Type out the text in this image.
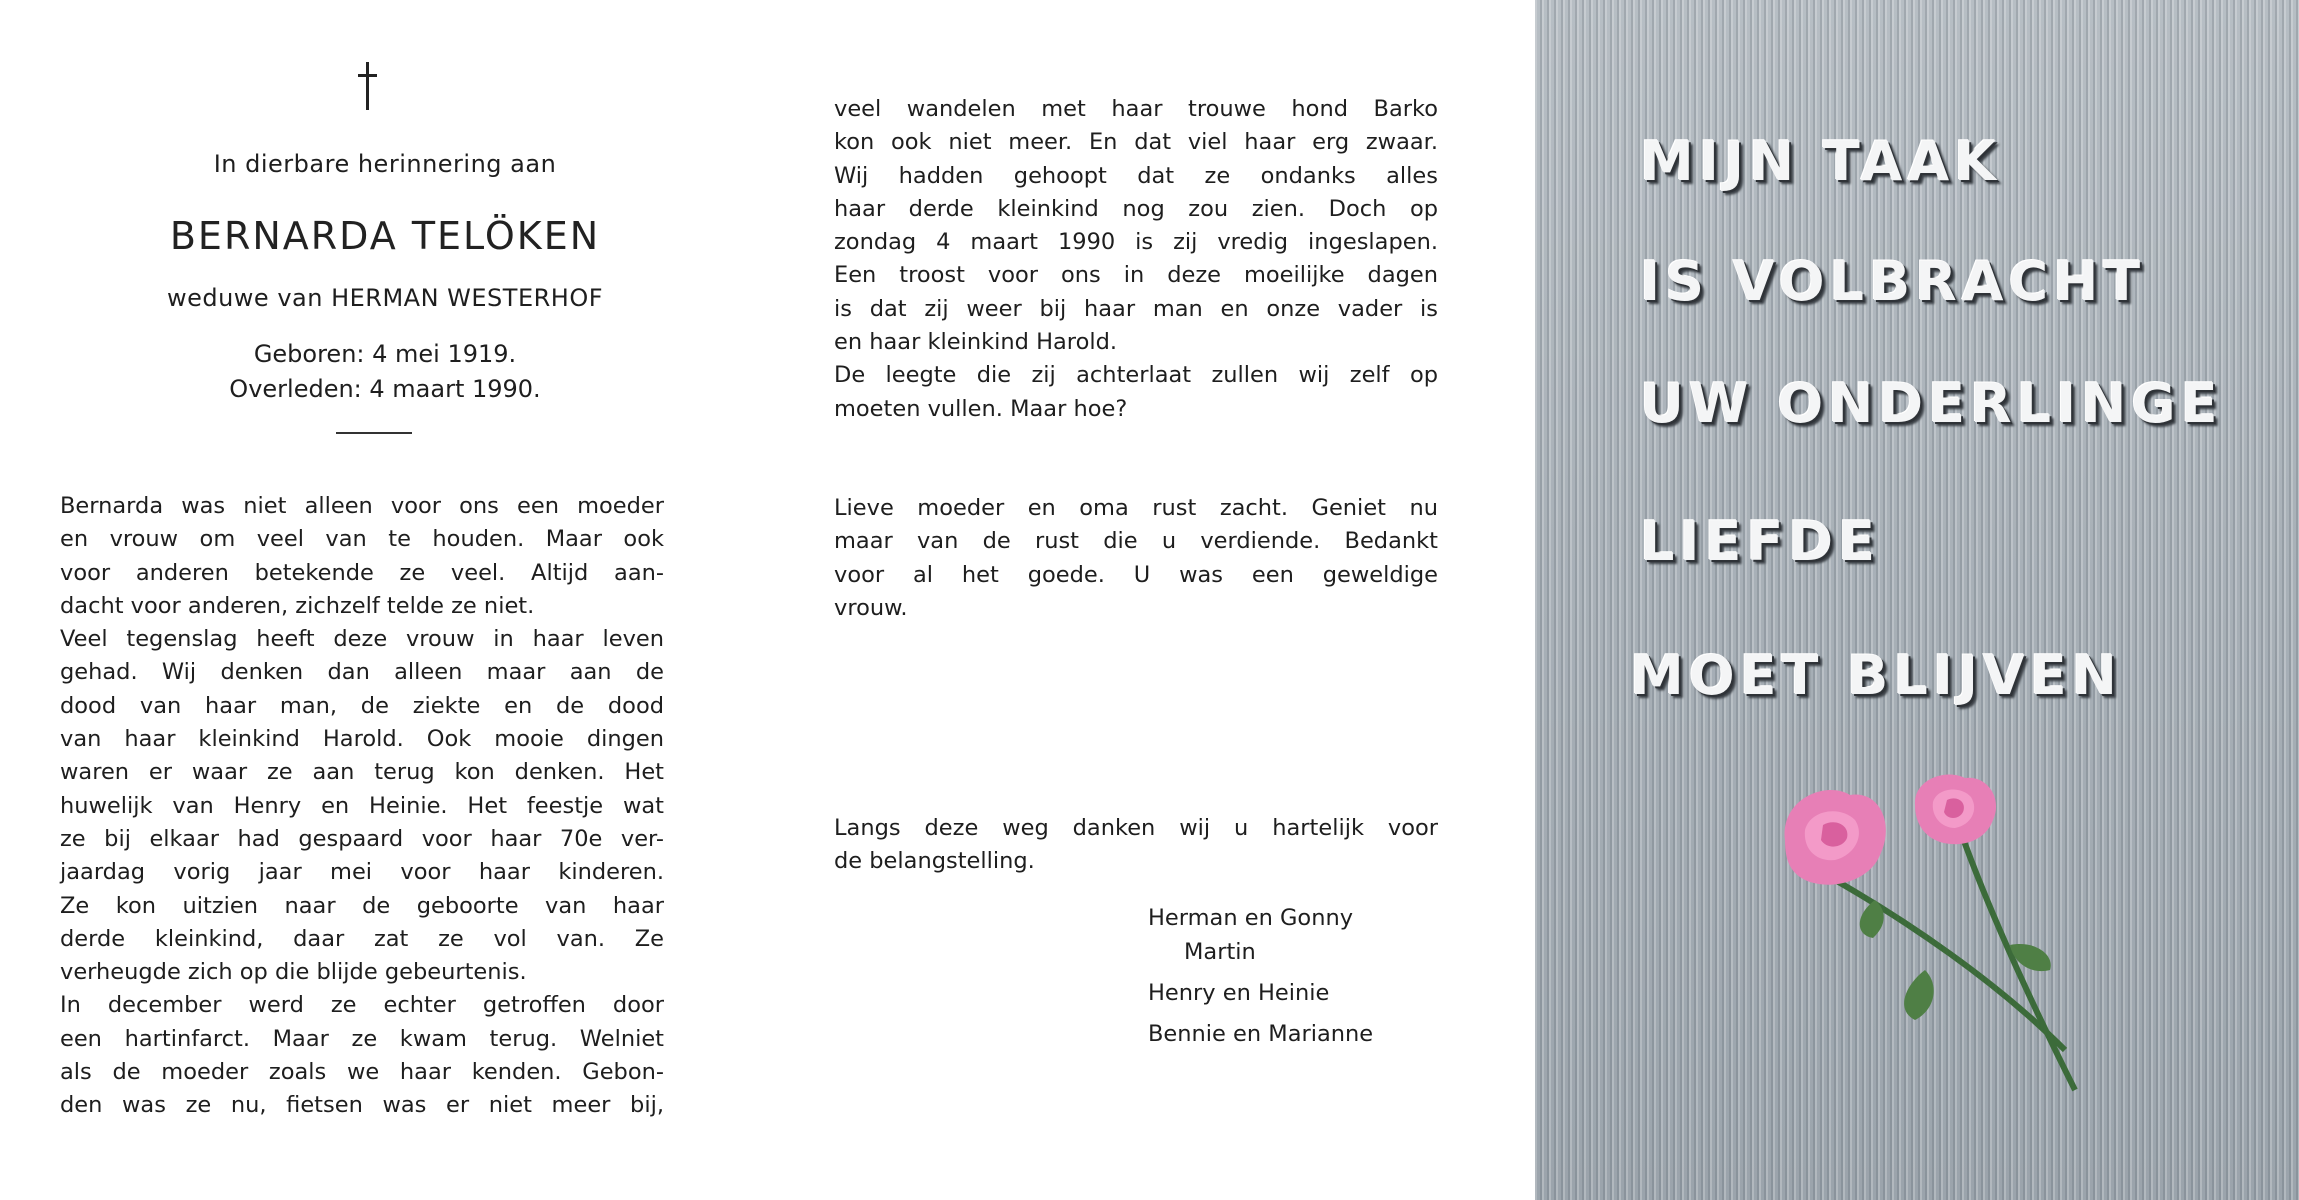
In dierbare herinnering aan

BERNARDA TELÖKEN

weduwe van HERMAN WESTERHOF

Geboren: 4 mei 1919.

Overleden: 4 maart 1990.

Bernarda was niet alleen voor ons een moeder
en vrouw om veel van te houden. Maar ook
voor anderen betekende ze veel. Altijd aan-
dacht voor anderen, zichzelf telde ze niet.
Veel tegenslag heeft deze vrouw in haar leven
gehad. Wij denken dan alleen maar aan de
dood van haar man, de ziekte en de dood
van haar kleinkind Harold. Ook mooie dingen
waren er waar ze aan terug kon denken. Het
huwelijk van Henry en Heinie. Het feestje wat
ze bij elkaar had gespaard voor haar 70e ver-
jaardag vorig jaar mei voor haar kinderen.
Ze kon uitzien naar de geboorte van haar
derde kleinkind, daar zat ze vol van. Ze
verheugde zich op die blijde gebeurtenis.
In december werd ze echter getroffen door
een hartinfarct. Maar ze kwam terug. Welniet
als de moeder zoals we haar kenden. Gebon-
den was ze nu, fietsen was er niet meer bij,
veel wandelen met haar trouwe hond Barko
kon ook niet meer. En dat viel haar erg zwaar.
Wij hadden gehoopt dat ze ondanks alles
haar derde kleinkind nog zou zien. Doch op
zondag 4 maart 1990 is zij vredig ingeslapen.
Een troost voor ons in deze moeilijke dagen
is dat zij weer bij haar man en onze vader is
en haar kleinkind Harold.
De leegte die zij achterlaat zullen wij zelf op
moeten vullen. Maar hoe?
Lieve moeder en oma rust zacht. Geniet nu
maar van de rust die u verdiende. Bedankt
voor al het goede. U was een geweldige
vrouw.
Langs deze weg danken wij u hartelijk voor
de belangstelling.
Herman en Gonny
Martin
Henry en Heinie
Bennie en Marianne

MIJN TAAK

IS VOLBRACHT

UW ONDERLINGE

LIEFDE

MOET BLIJVEN
